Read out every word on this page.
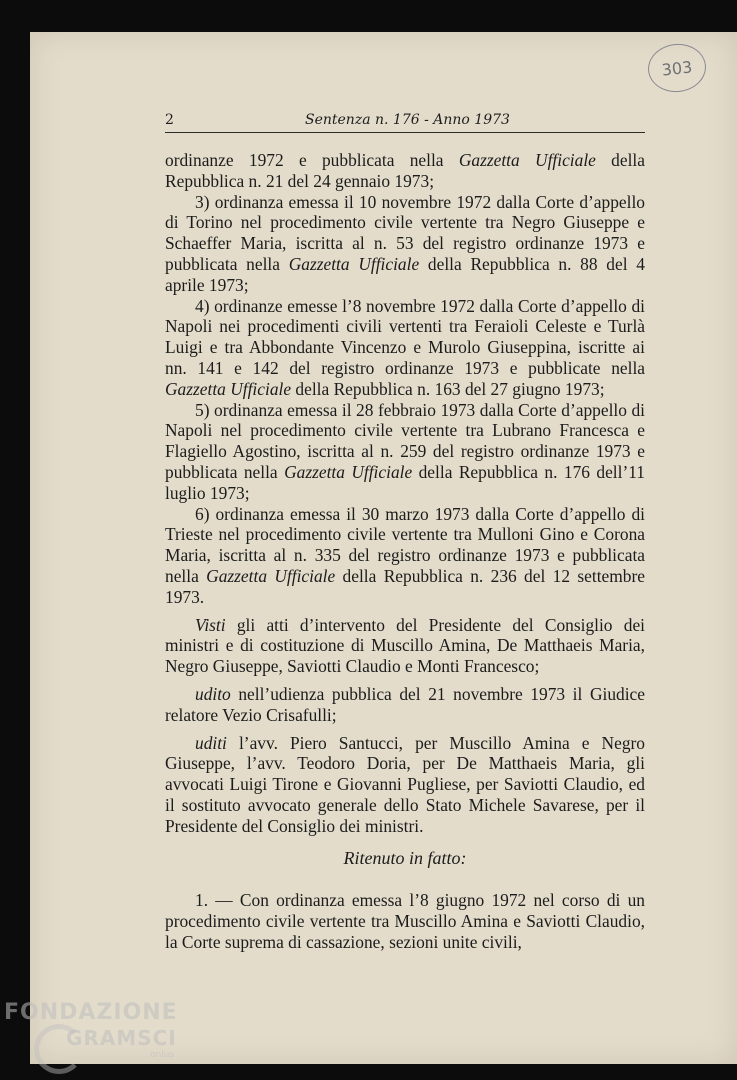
303
2	Sentenza n. 176 - Anno 1973

ordinanze 1972 e pubblicata nella Gazzetta Ufficiale della Repubblica n. 21 del 24 gennaio 1973;

3) ordinanza emessa il 10 novembre 1972 dalla Corte d’appello di Torino nel procedimento civile vertente tra Negro Giuseppe e Schaeffer Maria, iscritta al n. 53 del registro ordinanze 1973 e pubblicata nella Gazzetta Ufficiale della Repubblica n. 88 del 4 aprile 1973;

4) ordinanze emesse l’8 novembre 1972 dalla Corte d’appello di Napoli nei procedimenti civili vertenti tra Feraioli Celeste e Turlà Luigi e tra Abbondante Vincenzo e Murolo Giuseppina, iscritte ai nn. 141 e 142 del registro ordinanze 1973 e pubblicate nella Gazzetta Ufficiale della Repubblica n. 163 del 27 giugno 1973;

5) ordinanza emessa il 28 febbraio 1973 dalla Corte d’appello di Napoli nel procedimento civile vertente tra Lubrano Francesca e Flagiello Agostino, iscritta al n. 259 del registro ordinanze 1973 e pubblicata nella Gazzetta Ufficiale della Repubblica n. 176 dell’11 luglio 1973;

6) ordinanza emessa il 30 marzo 1973 dalla Corte d’appello di Trieste nel procedimento civile vertente tra Mulloni Gino e Corona Maria, iscritta al n. 335 del registro ordinanze 1973 e pubblicata nella Gazzetta Ufficiale della Repubblica n. 236 del 12 settembre 1973.

Visti gli atti d’intervento del Presidente del Consiglio dei ministri e di costituzione di Muscillo Amina, De Matthaeis Maria, Negro Giuseppe, Saviotti Claudio e Monti Francesco;

udito nell’udienza pubblica del 21 novembre 1973 il Giudice relatore Vezio Crisafulli;

uditi l’avv. Piero Santucci, per Muscillo Amina e Negro Giuseppe, l’avv. Teodoro Doria, per De Matthaeis Maria, gli avvocati Luigi Tirone e Giovanni Pugliese, per Saviotti Claudio, ed il sostituto avvocato generale dello Stato Michele Savarese, per il Presidente del Consiglio dei ministri.

Ritenuto in fatto:

1. — Con ordinanza emessa l’8 giugno 1972 nel corso di un procedimento civile vertente tra Muscillo Amina e Saviotti Claudio, la Corte suprema di cassazione, sezioni unite civili,

FONDAZIONE
GRAMSCI
onlus
